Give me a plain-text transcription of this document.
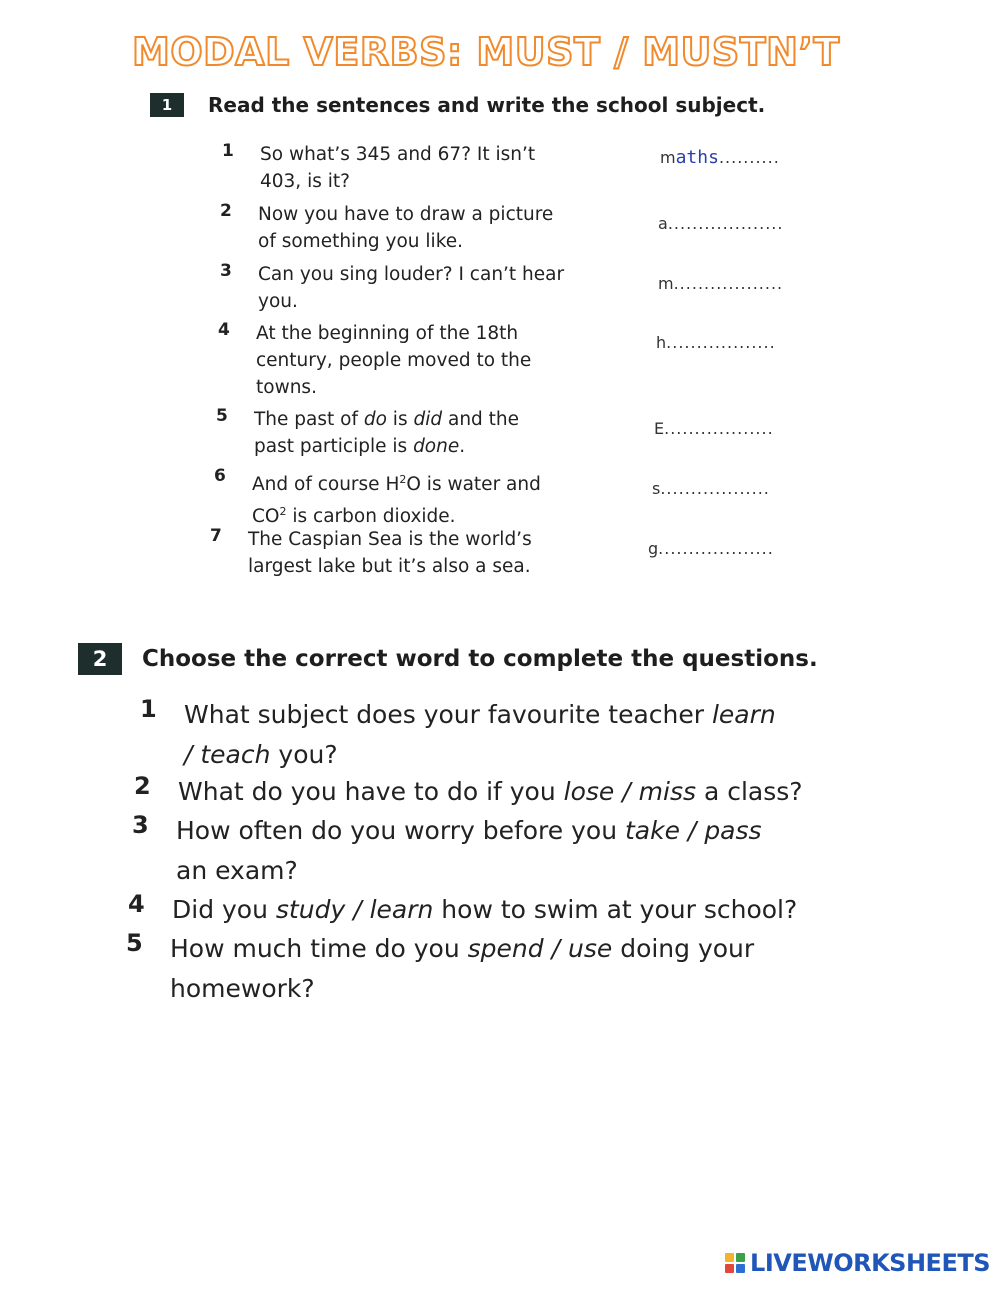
MODAL VERBS: MUST / MUSTN’T
1	Read the sentences and write the school subject.
1 So what’s 345 and 67? It isn’t
403, is it?
maths..........
2 Now you have to draw a picture
of something you like.
a...................
3 Can you sing louder? I can’t hear
you.
m..................
4 At the beginning of the 18th
century, people moved to the
towns.
h..................
5 The past of do is did and the
past participle is done.
E..................
6 And of course $H^2O$ is water and
$CO^2$ is carbon dioxide.
s..................
7 The Caspian Sea is the world’s
largest lake but it’s also a sea.
g...................
2	Choose the correct word to complete the questions.
1 What subject does your favourite teacher learn / teach you?
2 What do you have to do if you lose / miss a class?
3 How often do you worry before you take / pass an exam?
4 Did you study / learn how to swim at your school?
5 How much time do you spend / use doing your homework?
LIVEWORKSHEETS
